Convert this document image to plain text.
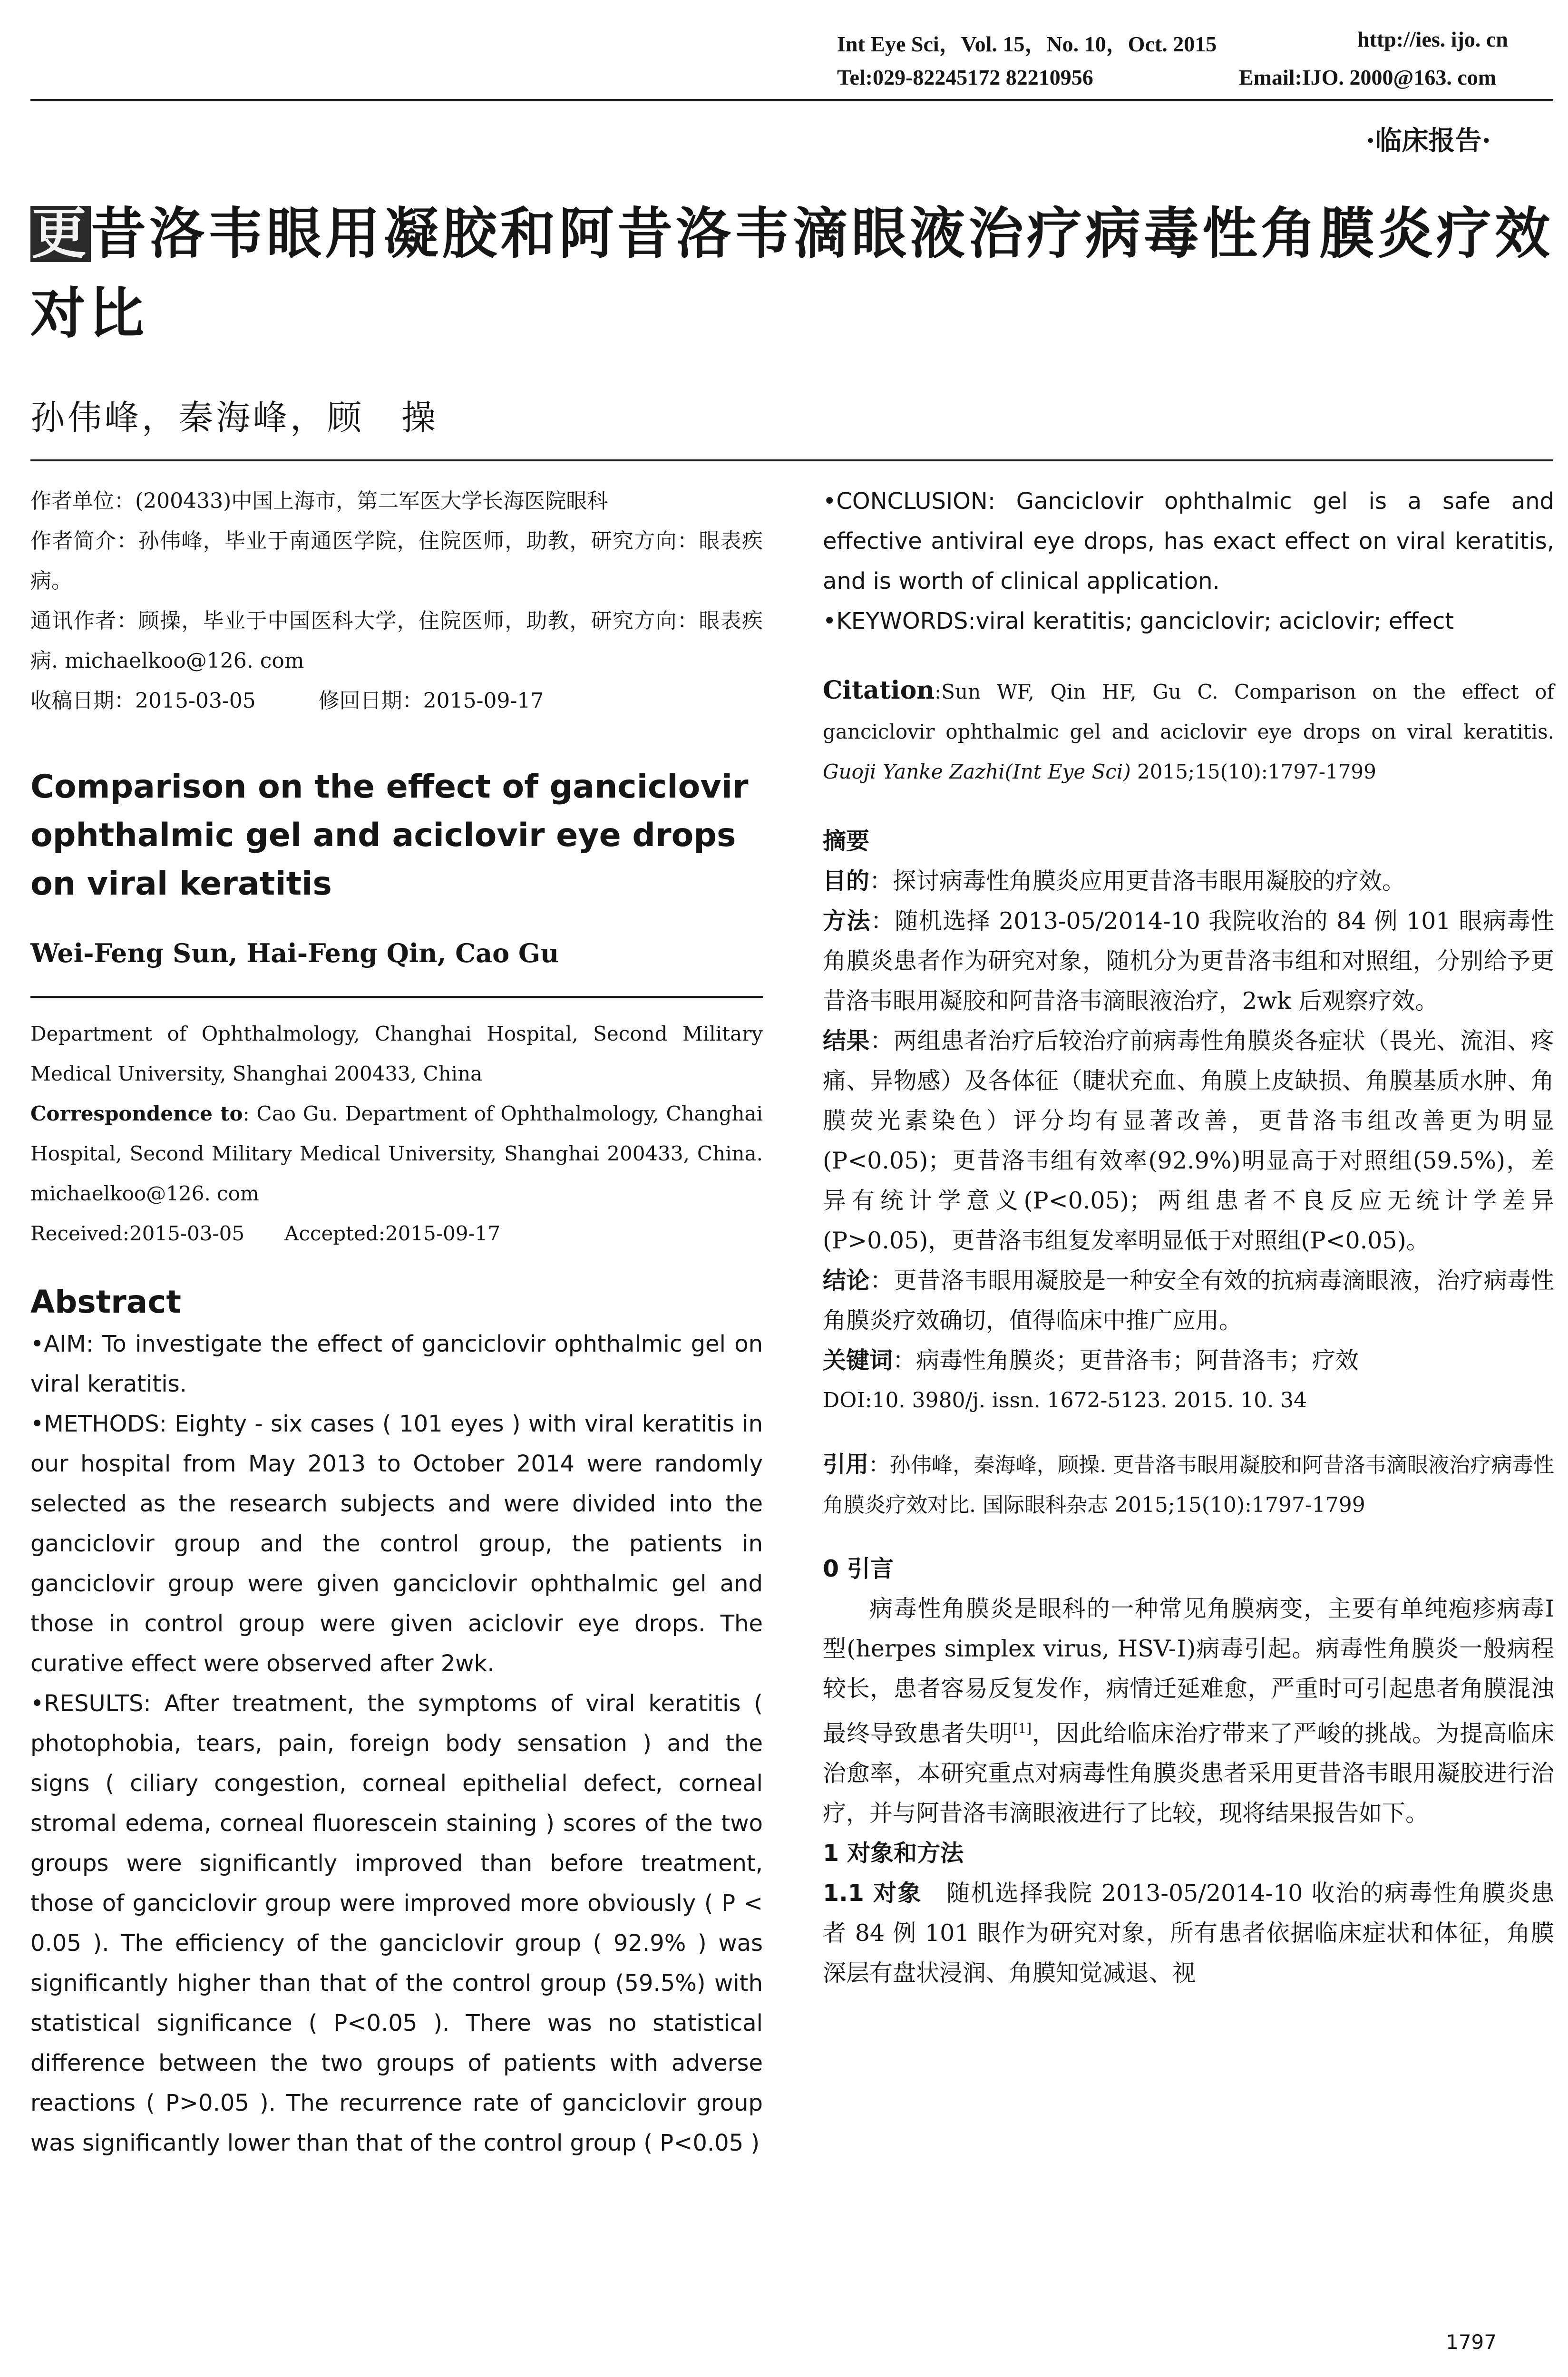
Int Eye Sci，Vol. 15，No. 10，Oct. 2015	http://ies. ijo. cn
Tel:029-82245172 82210956	Email:IJO. 2000@163. com
·临床报告·
更昔洛韦眼用凝胶和阿昔洛韦滴眼液治疗病毒性角膜炎疗效对比
孙伟峰，秦海峰，顾　操

作者单位：(200433)中国上海市，第二军医大学长海医院眼科

作者简介：孙伟峰，毕业于南通医学院，住院医师，助教，研究方向：眼表疾病。

通讯作者：顾操，毕业于中国医科大学，住院医师，助教，研究方向：眼表疾病. michaelkoo@126. com

收稿日期：2015-03-05　　　修回日期：2015-09-17

Comparison on the effect of ganciclovir ophthalmic gel and aciclovir eye drops on viral keratitis
Wei-Feng Sun, Hai-Feng Qin, Cao Gu

Department of Ophthalmology, Changhai Hospital, Second Military Medical University, Shanghai 200433, China

Correspondence to: Cao Gu. Department of Ophthalmology, Changhai Hospital, Second Military Medical University, Shanghai 200433, China. michaelkoo@126. com

Received:2015-03-05　　Accepted:2015-09-17

Abstract

•AIM: To investigate the effect of ganciclovir ophthalmic gel on viral keratitis.

•METHODS: Eighty - six cases ( 101 eyes ) with viral keratitis in our hospital from May 2013 to October 2014 were randomly selected as the research subjects and were divided into the ganciclovir group and the control group, the patients in ganciclovir group were given ganciclovir ophthalmic gel and those in control group were given aciclovir eye drops. The curative effect were observed after 2wk.

•RESULTS: After treatment, the symptoms of viral keratitis ( photophobia, tears, pain, foreign body sensation ) and the signs ( ciliary congestion, corneal epithelial defect, corneal stromal edema, corneal fluorescein staining ) scores of the two groups were significantly improved than before treatment, those of ganciclovir group were improved more obviously ( P < 0.05 ). The efficiency of the ganciclovir group ( 92.9% ) was significantly higher than that of the control group (59.5%) with statistical significance ( P<0.05 ). There was no statistical difference between the two groups of patients with adverse reactions ( P>0.05 ). The recurrence rate of ganciclovir group was significantly lower than that of the control group ( P<0.05 )

•CONCLUSION: Ganciclovir ophthalmic gel is a safe and effective antiviral eye drops, has exact effect on viral keratitis, and is worth of clinical application.

•KEYWORDS:viral keratitis; ganciclovir; aciclovir; effect

Citation:Sun WF, Qin HF, Gu C. Comparison on the effect of ganciclovir ophthalmic gel and aciclovir eye drops on viral keratitis. Guoji Yanke Zazhi(Int Eye Sci) 2015;15(10):1797-1799

摘要

目的：探讨病毒性角膜炎应用更昔洛韦眼用凝胶的疗效。

方法：随机选择 2013-05/2014-10 我院收治的 84 例 101 眼病毒性角膜炎患者作为研究对象，随机分为更昔洛韦组和对照组，分别给予更昔洛韦眼用凝胶和阿昔洛韦滴眼液治疗，2wk 后观察疗效。

结果：两组患者治疗后较治疗前病毒性角膜炎各症状（畏光、流泪、疼痛、异物感）及各体征（睫状充血、角膜上皮缺损、角膜基质水肿、角膜荧光素染色）评分均有显著改善，更昔洛韦组改善更为明显(P<0.05)；更昔洛韦组有效率(92.9%)明显高于对照组(59.5%)，差异有统计学意义(P<0.05)；两组患者不良反应无统计学差异(P>0.05)，更昔洛韦组复发率明显低于对照组(P<0.05)。

结论：更昔洛韦眼用凝胶是一种安全有效的抗病毒滴眼液，治疗病毒性角膜炎疗效确切，值得临床中推广应用。

关键词：病毒性角膜炎；更昔洛韦；阿昔洛韦；疗效

DOI:10. 3980/j. issn. 1672-5123. 2015. 10. 34

引用：孙伟峰，秦海峰，顾操. 更昔洛韦眼用凝胶和阿昔洛韦滴眼液治疗病毒性角膜炎疗效对比. 国际眼科杂志 2015;15(10):1797-1799

0 引言

病毒性角膜炎是眼科的一种常见角膜病变，主要有单纯疱疹病毒Ⅰ型(herpes simplex virus, HSV-Ⅰ)病毒引起。病毒性角膜炎一般病程较长，患者容易反复发作，病情迁延难愈，严重时可引起患者角膜混浊最终导致患者失明[1]，因此给临床治疗带来了严峻的挑战。为提高临床治愈率，本研究重点对病毒性角膜炎患者采用更昔洛韦眼用凝胶进行治疗，并与阿昔洛韦滴眼液进行了比较，现将结果报告如下。

1 对象和方法

1.1 对象　随机选择我院 2013-05/2014-10 收治的病毒性角膜炎患者 84 例 101 眼作为研究对象，所有患者依据临床症状和体征，角膜深层有盘状浸润、角膜知觉减退、视

1797
